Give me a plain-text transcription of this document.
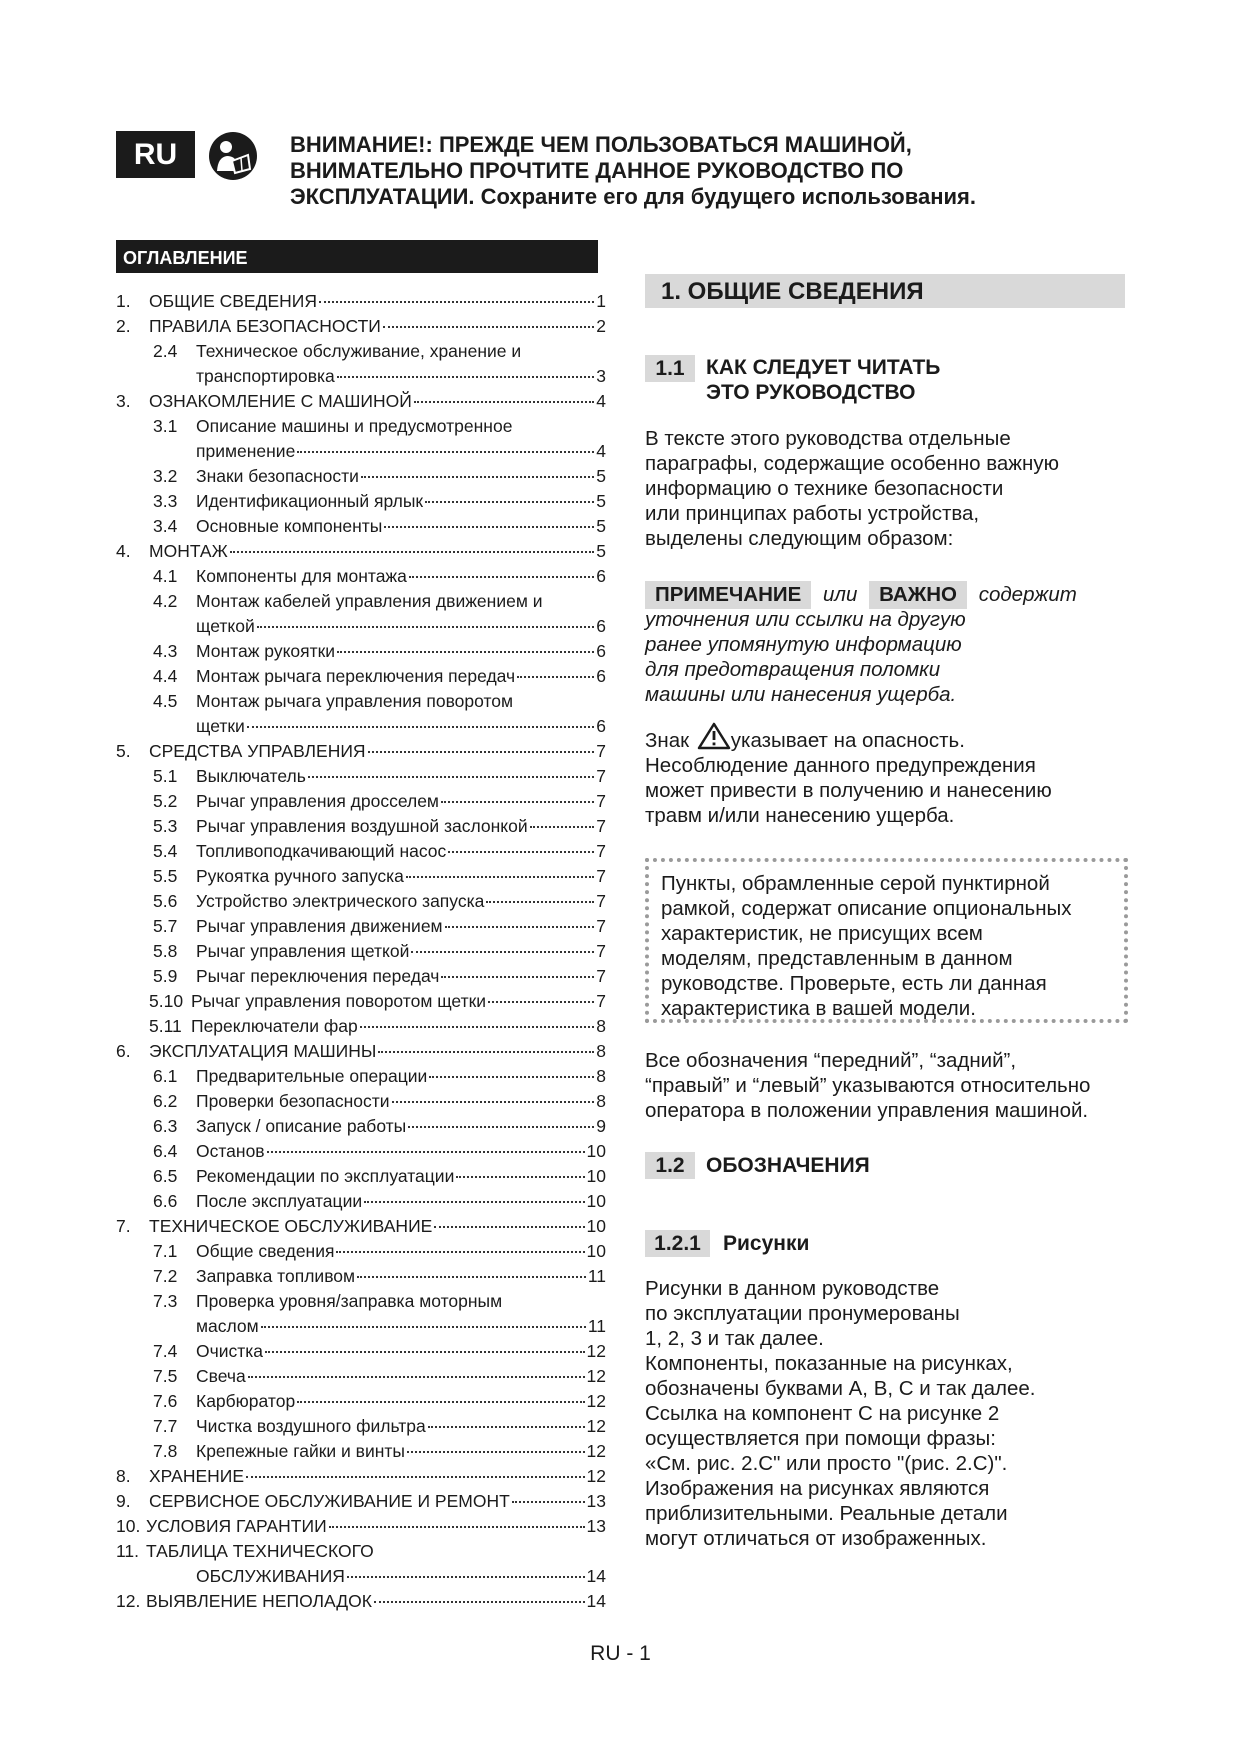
RU	ВНИМАНИЕ!: ПРЕЖДЕ ЧЕМ ПОЛЬЗОВАТЬСЯ МАШИНОЙ,
ВНИМАТЕЛЬНО ПРОЧТИТЕ ДАННОЕ РУКОВОДСТВО ПО
ЭКСПЛУАТАЦИИ. Сохраните его для будущего использования.
ОГЛАВЛЕНИЕ
1. ОБЩИЕ СВЕДЕНИЯ	1
2. ПРАВИЛА БЕЗОПАСНОСТИ	2
2.4 Техническое обслуживание, хранение и
транспортировка	3
3. ОЗНАКОМЛЕНИЕ С МАШИНОЙ	4
3.1 Описание машины и предусмотренное
применение	4
3.2 Знаки безопасности	5
3.3 Идентификационный ярлык	5
3.4 Основные компоненты	5
4. МОНТАЖ	5
4.1 Компоненты для монтажа	6
4.2 Монтаж кабелей управления движением и
щеткой	6
4.3 Монтаж рукоятки	6
4.4 Монтаж рычага переключения передач	6
4.5 Монтаж рычага управления поворотом
щетки	6
5. СРЕДСТВА УПРАВЛЕНИЯ	7
5.1 Выключатель	7
5.2 Рычаг управления дросселем	7
5.3 Рычаг управления воздушной заслонкой	7
5.4 Топливоподкачивающий насос	7
5.5 Рукоятка ручного запуска	7
5.6 Устройство электрического запуска	7
5.7 Рычаг управления движением	7
5.8 Рычаг управления щеткой	7
5.9 Рычаг переключения передач	7
5.10 Рычаг управления поворотом щетки	7
5.11 Переключатели фар	8
6. ЭКСПЛУАТАЦИЯ МАШИНЫ	8
6.1 Предварительные операции	8
6.2 Проверки безопасности	8
6.3 Запуск / описание работы	9
6.4 Останов	10
6.5 Рекомендации по эксплуатации	10
6.6 После эксплуатации	10
7. ТЕХНИЧЕСКОЕ ОБСЛУЖИВАНИЕ	10
7.1 Общие сведения	10
7.2 Заправка топливом	11
7.3 Проверка уровня/заправка моторным
маслом	11
7.4 Очистка	12
7.5 Свеча	12
7.6 Карбюратор	12
7.7 Чистка воздушного фильтра	12
7.8 Крепежные гайки и винты	12
8. ХРАНЕНИЕ	12
9. СЕРВИСНОЕ ОБСЛУЖИВАНИЕ И РЕМОНТ	13
10. УСЛОВИЯ ГАРАНТИИ	13
11. ТАБЛИЦА ТЕХНИЧЕСКОГО
ОБСЛУЖИВАНИЯ	14
12. ВЫЯВЛЕНИЕ НЕПОЛАДОК	14
1. ОБЩИЕ СВЕДЕНИЯ
1.1	КАК СЛЕДУЕТ ЧИТАТЬ
ЭТО РУКОВОДСТВО
В тексте этого руководства отдельные
параграфы, содержащие особенно важную
информацию о технике безопасности
или принципах работы устройства,
выделены следующим образом:
ПРИМЕЧАНИЕ или ВАЖНО содержит
уточнения или ссылки на другую
ранее упомянутую информацию
для предотвращения поломки
машины или нанесения ущерба.
Знак указывает на опасность.
Несоблюдение данного предупреждения
может привести в получению и нанесению
травм и/или нанесению ущерба.
Пункты, обрамленные серой пунктирной
рамкой, содержат описание опциональных
характеристик, не присущих всем
моделям, представленным в данном
руководстве. Проверьте, есть ли данная
характеристика в вашей модели.
Все обозначения “передний”, “задний”,
“правый” и “левый” указываются относительно
оператора в положении управления машиной.
1.2	ОБОЗНАЧЕНИЯ
1.2.1	Рисунки
Рисунки в данном руководстве
по эксплуатации пронумерованы
1, 2, 3 и так далее.
Компоненты, показанные на рисунках,
обозначены буквами A, B, C и так далее.
Ссылка на компонент C на рисунке 2
осуществляется при помощи фразы:
«См. рис. 2.C" или просто "(рис. 2.C)".
Изображения на рисунках являются
приблизительными. Реальные детали
могут отличаться от изображенных.
RU - 1
